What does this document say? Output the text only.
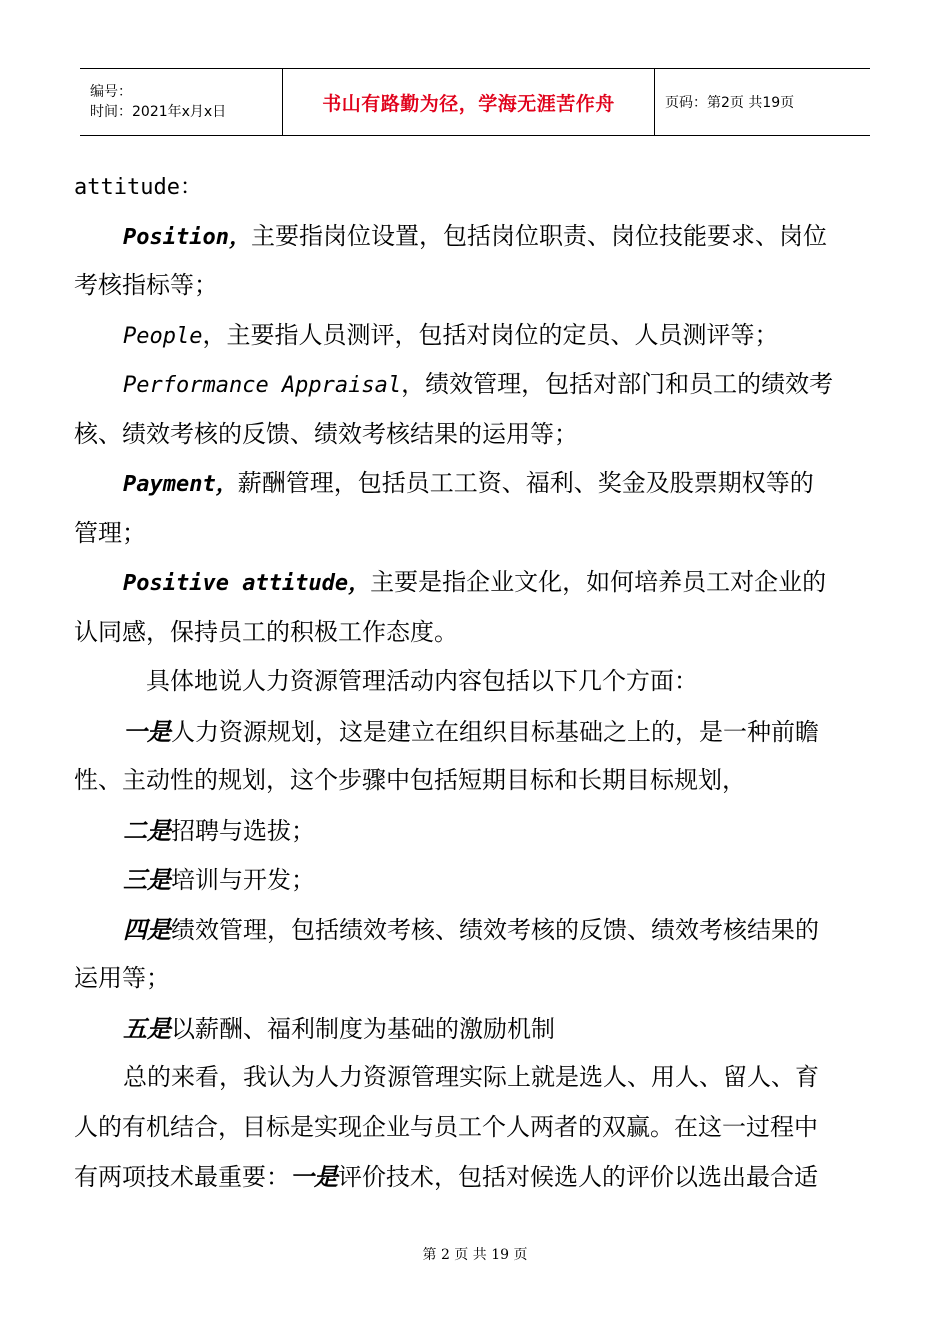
编号：
时间：2021年x月x日	书山有路勤为径，学海无涯苦作舟	页码：第2页 共19页
attitude：
Position，主要指岗位设置，包括岗位职责、岗位技能要求、岗位
考核指标等；
People，主要指人员测评，包括对岗位的定员、人员测评等；
Performance Appraisal，绩效管理，包括对部门和员工的绩效考
核、绩效考核的反馈、绩效考核结果的运用等；
Payment，薪酬管理，包括员工工资、福利、奖金及股票期权等的
管理；
Positive attitude，主要是指企业文化，如何培养员工对企业的
认同感，保持员工的积极工作态度。
具体地说人力资源管理活动内容包括以下几个方面：
一是人力资源规划，这是建立在组织目标基础之上的，是一种前瞻
性、主动性的规划，这个步骤中包括短期目标和长期目标规划，
二是招聘与选拔；
三是培训与开发；
四是绩效管理，包括绩效考核、绩效考核的反馈、绩效考核结果的
运用等；
五是以薪酬、福利制度为基础的激励机制
总的来看，我认为人力资源管理实际上就是选人、用人、留人、育
人的有机结合，目标是实现企业与员工个人两者的双赢。在这一过程中
有两项技术最重要：一是评价技术，包括对候选人的评价以选出最合适
第 2 页 共 19 页
